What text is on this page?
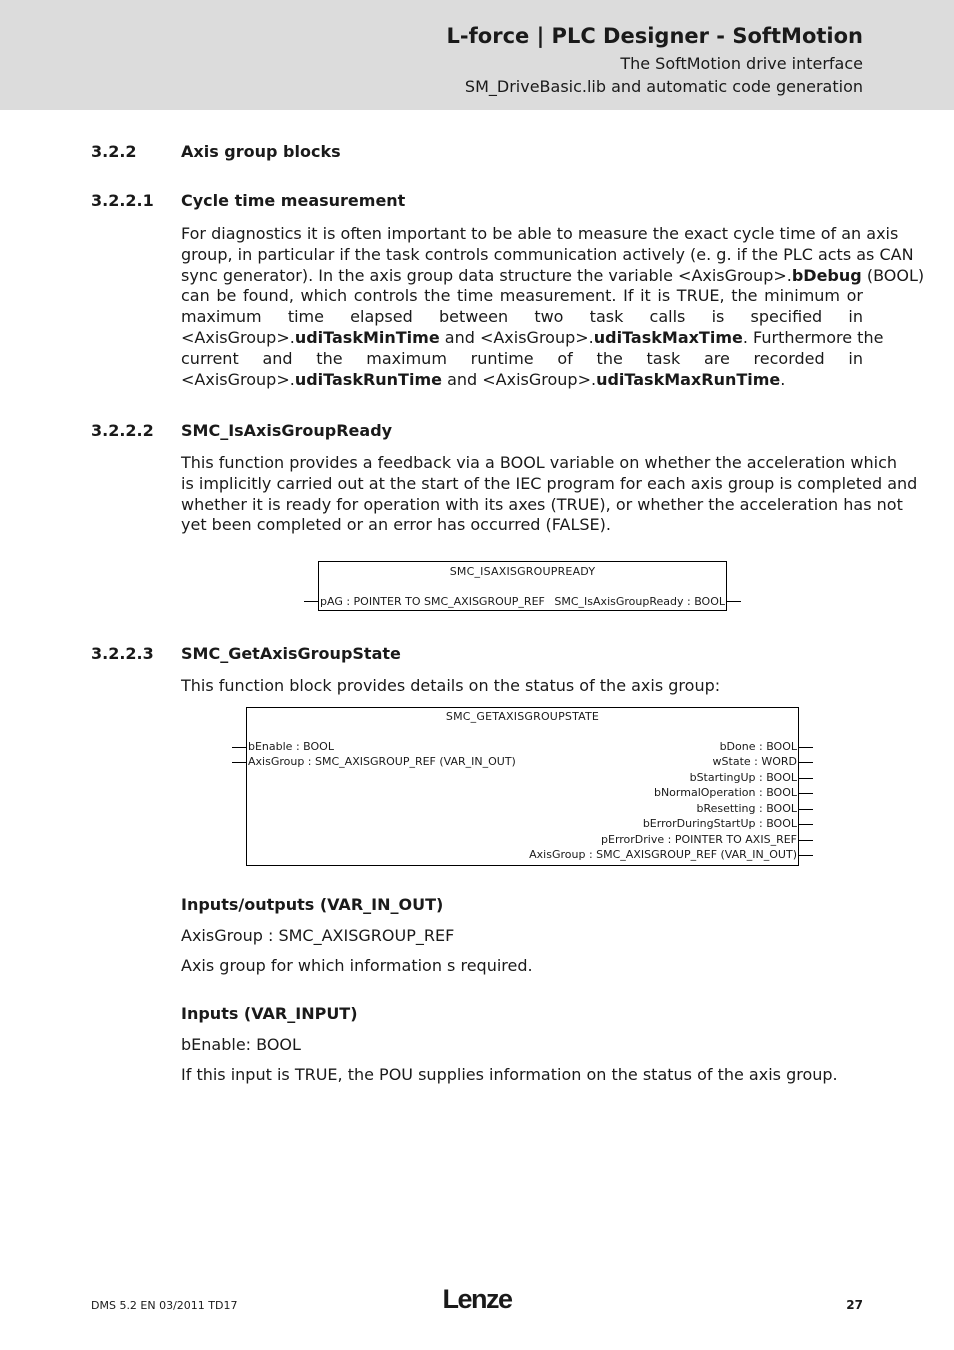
L-force | PLC Designer - SoftMotion
The SoftMotion drive interface
SM_DriveBasic.lib and automatic code generation
3.2.2	Axis group blocks
3.2.2.1 Cycle time measurement
For diagnostics it is often important to be able to measure the exact cycle time of an axis
group, in particular if the task controls communication actively (e. g. if the PLC acts as CAN
sync generator). In the axis group data structure the variable <AxisGroup>.bDebug (BOOL)
can be found, which controls the time measurement. If it is TRUE, the minimum or
maximum time elapsed between two task calls is specified in
<AxisGroup>.udiTaskMinTime and <AxisGroup>.udiTaskMaxTime. Furthermore the
current and the maximum runtime of the task are recorded in
<AxisGroup>.udiTaskRunTime and <AxisGroup>.udiTaskMaxRunTime.
3.2.2.2 SMC_IsAxisGroupReady
This function provides a feedback via a BOOL variable on whether the acceleration which
is implicitly carried out at the start of the IEC program for each axis group is completed and
whether it is ready for operation with its axes (TRUE), or whether the acceleration has not
yet been completed or an error has occurred (FALSE).
SMC_ISAXISGROUPREADY
pAG : POINTER TO SMC_AXISGROUP_REF SMC_IsAxisGroupReady : BOOL
3.2.2.3 SMC_GetAxisGroupState
This function block provides details on the status of the axis group:
SMC_GETAXISGROUPSTATE
bEnable : BOOL
AxisGroup : SMC_AXISGROUP_REF (VAR_IN_OUT)
bDone : BOOL
wState : WORD
bStartingUp : BOOL
bNormalOperation : BOOL
bResetting : BOOL
bErrorDuringStartUp : BOOL
pErrorDrive : POINTER TO AXIS_REF
AxisGroup : SMC_AXISGROUP_REF (VAR_IN_OUT)
Inputs/outputs (VAR_IN_OUT)
AxisGroup : SMC_AXISGROUP_REF
Axis group for which information s required.
Inputs (VAR_INPUT)
bEnable: BOOL
If this input is TRUE, the POU supplies information on the status of the axis group.
DMS 5.2 EN 03/2011 TD17	Lenze	27
